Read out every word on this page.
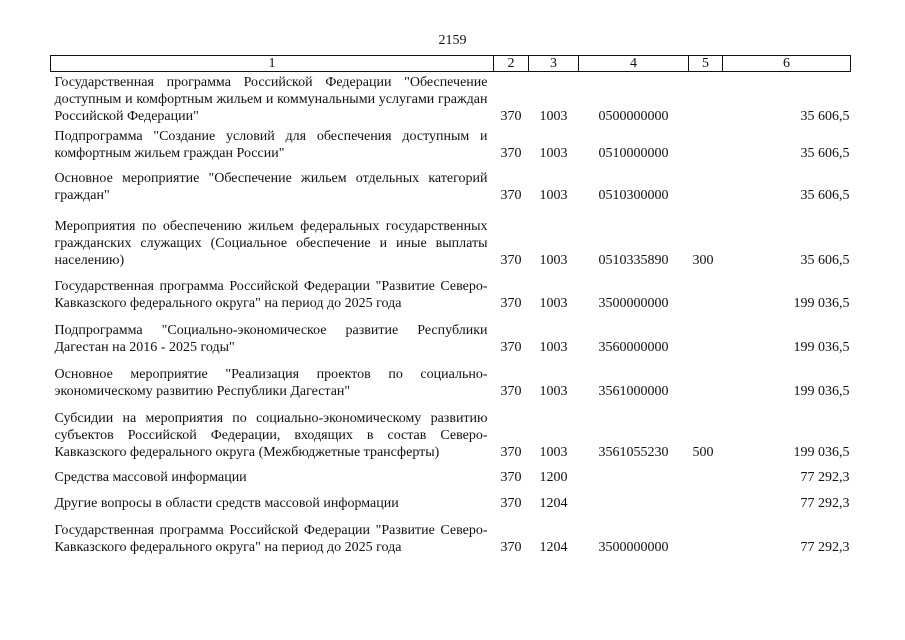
2159
1	2	3	4	5	6
Государственная программа Российской Федерации "Обеспечение доступным и комфортным жильем и коммунальными услугами граждан Российской Федерации"	370	1003	0500000000		35 606,5
Подпрограмма "Создание условий для обеспечения доступным и комфортным жильем граждан России"	370	1003	0510000000		35 606,5
Основное мероприятие "Обеспечение жильем отдельных категорий граждан"	370	1003	0510300000		35 606,5
Мероприятия по обеспечению жильем федеральных государственных гражданских служащих (Социальное обеспечение и иные выплаты населению)	370	1003	0510335890	300	35 606,5
Государственная программа Российской Федерации "Развитие Северо-Кавказского федерального округа" на период до 2025 года	370	1003	3500000000		199 036,5
Подпрограмма "Социально-экономическое развитие Республики Дагестан на 2016 - 2025 годы"	370	1003	3560000000		199 036,5
Основное мероприятие "Реализация проектов по социально-экономическому развитию Республики Дагестан"	370	1003	3561000000		199 036,5
Субсидии на мероприятия по социально-экономическому развитию субъектов Российской Федерации, входящих в состав Северо-Кавказского федерального округа (Межбюджетные трансферты)	370	1003	3561055230	500	199 036,5
Средства массовой информации	370	1200			77 292,3
Другие вопросы в области средств массовой информации	370	1204			77 292,3
Государственная программа Российской Федерации "Развитие Северо-Кавказского федерального округа" на период до 2025 года	370	1204	3500000000		77 292,3
